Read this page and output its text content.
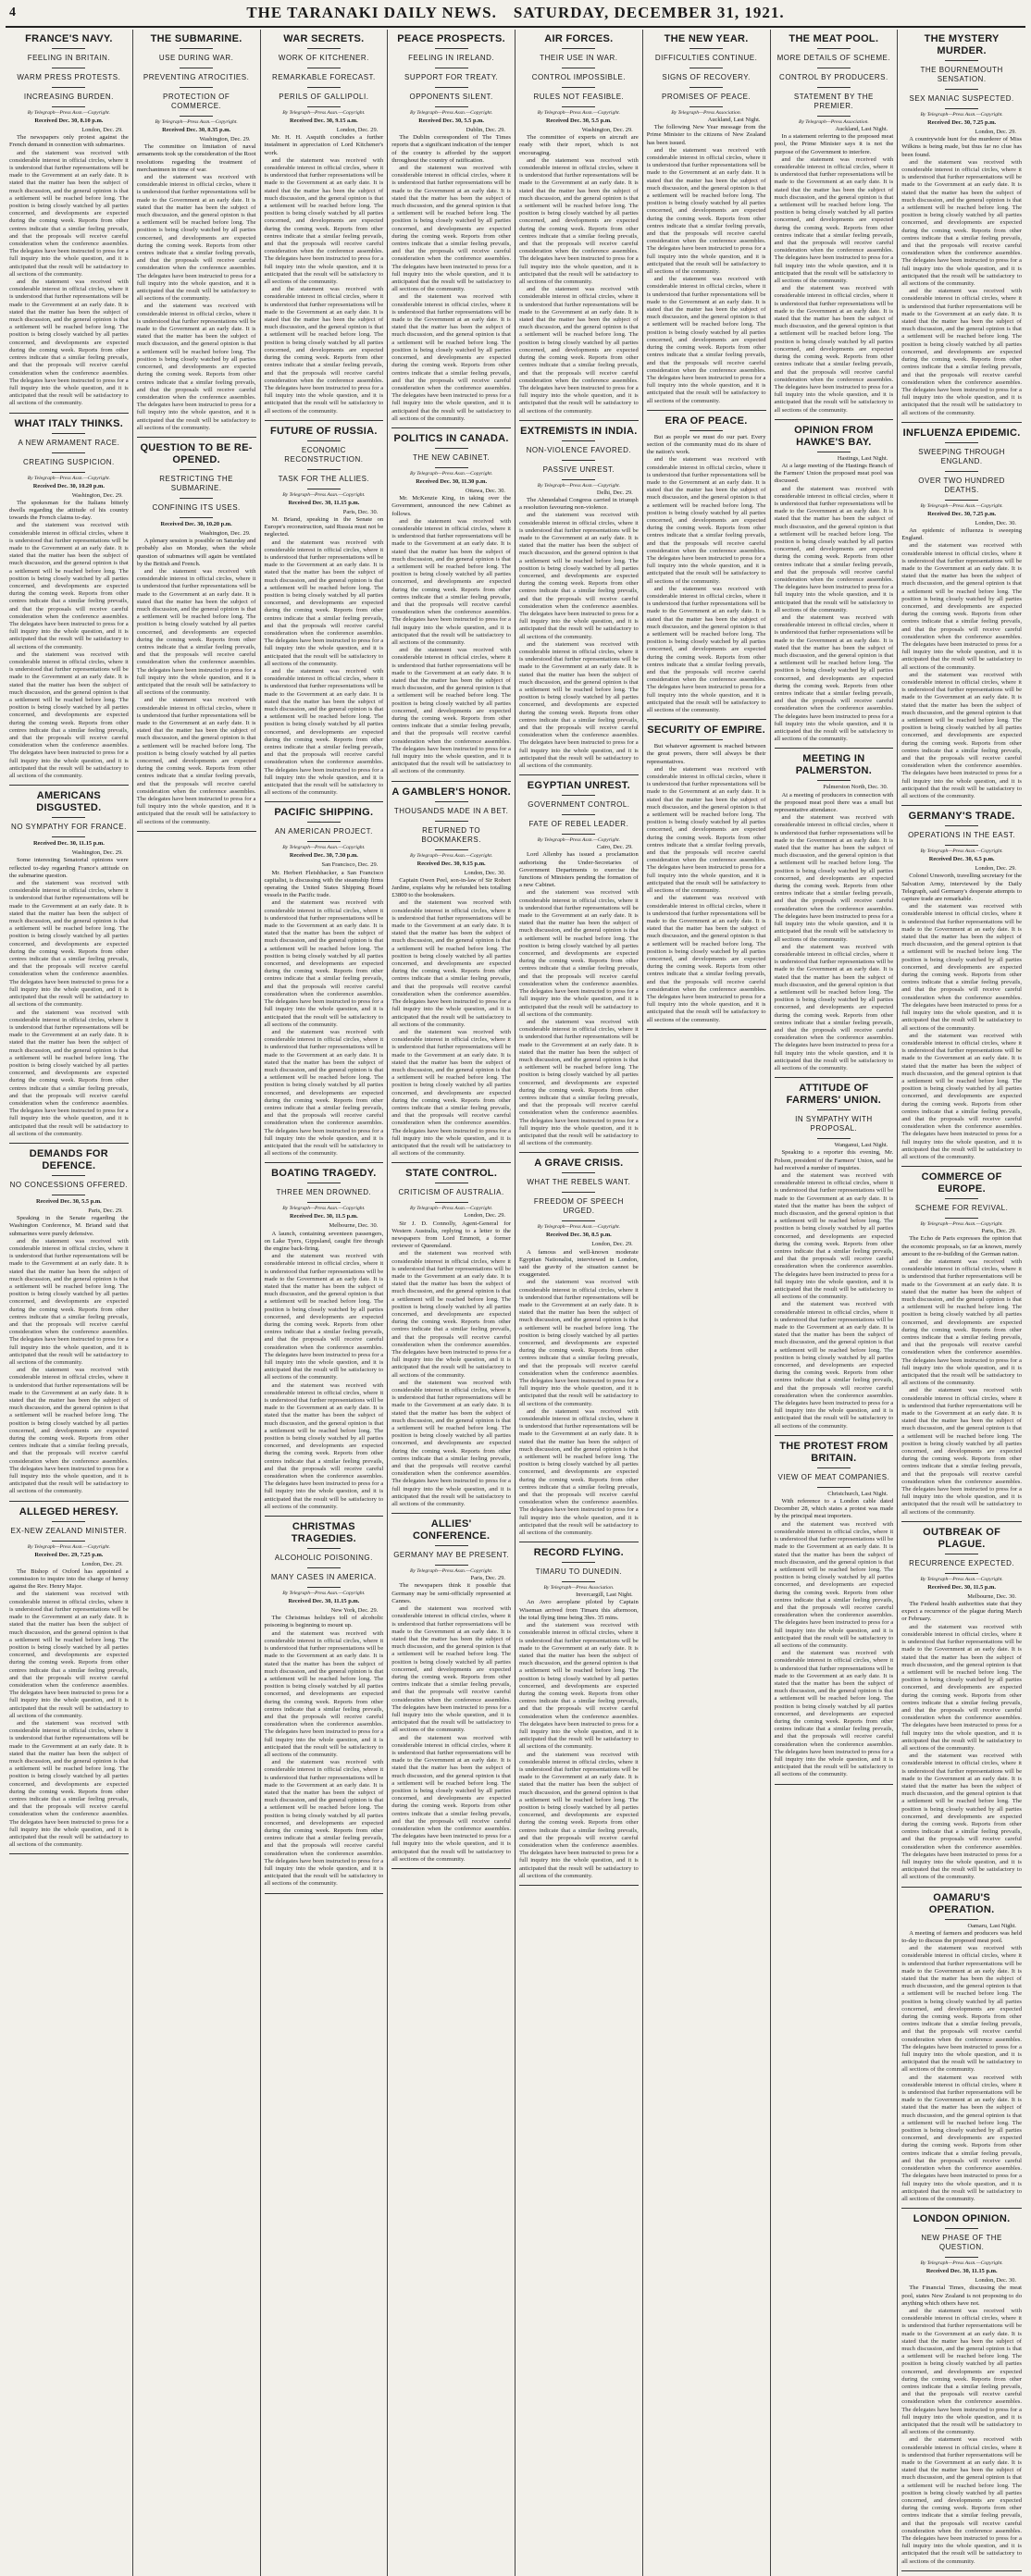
4	THE TARANAKI DAILY NEWS. SATURDAY, DECEMBER 31, 1921.
FRANCE'S NAVY.
FEELING IN BRITAIN.
WARM PRESS PROTESTS.
INCREASING BURDEN.
By Telegraph—Press Assn.—Copyright.
Received Dec. 30, 8.10 p.m.
London, Dec. 29.

The newspapers only protest against the French demand in connection with submarines.

and the statement was received with considerable interest in official circles, where it is understood that further representations will be made to the Government at an early date. It is stated that the matter has been the subject of much discussion, and the general opinion is that a settlement will be reached before long. The position is being closely watched by all parties concerned, and developments are expected during the coming week. Reports from other centres indicate that a similar feeling prevails, and that the proposals will receive careful consideration when the conference assembles. The delegates have been instructed to press for a full inquiry into the whole question, and it is anticipated that the result will be satisfactory to all sections of the community.

and the statement was received with considerable interest in official circles, where it is understood that further representations will be made to the Government at an early date. It is stated that the matter has been the subject of much discussion, and the general opinion is that a settlement will be reached before long. The position is being closely watched by all parties concerned, and developments are expected during the coming week. Reports from other centres indicate that a similar feeling prevails, and that the proposals will receive careful consideration when the conference assembles. The delegates have been instructed to press for a full inquiry into the whole question, and it is anticipated that the result will be satisfactory to all sections of the community.

WHAT ITALY THINKS.
A NEW ARMAMENT RACE.
CREATING SUSPICION.
By Telegraph—Press Assn.—Copyright.
Received Dec. 30, 10.20 p.m.
Washington, Dec. 29.

The spokesman for the Italians bitterly dwells regarding the attitude of his country towards the French claims to-day.

and the statement was received with considerable interest in official circles, where it is understood that further representations will be made to the Government at an early date. It is stated that the matter has been the subject of much discussion, and the general opinion is that a settlement will be reached before long. The position is being closely watched by all parties concerned, and developments are expected during the coming week. Reports from other centres indicate that a similar feeling prevails, and that the proposals will receive careful consideration when the conference assembles. The delegates have been instructed to press for a full inquiry into the whole question, and it is anticipated that the result will be satisfactory to all sections of the community.

and the statement was received with considerable interest in official circles, where it is understood that further representations will be made to the Government at an early date. It is stated that the matter has been the subject of much discussion, and the general opinion is that a settlement will be reached before long. The position is being closely watched by all parties concerned, and developments are expected during the coming week. Reports from other centres indicate that a similar feeling prevails, and that the proposals will receive careful consideration when the conference assembles. The delegates have been instructed to press for a full inquiry into the whole question, and it is anticipated that the result will be satisfactory to all sections of the community.

AMERICANS DISGUSTED.
NO SYMPATHY FOR FRANCE.
Received Dec. 30, 11.15 p.m.
Washington, Dec. 29.

Some interesting Senatorial opinions were reflected to-day regarding France's attitude on the submarine question.

and the statement was received with considerable interest in official circles, where it is understood that further representations will be made to the Government at an early date. It is stated that the matter has been the subject of much discussion, and the general opinion is that a settlement will be reached before long. The position is being closely watched by all parties concerned, and developments are expected during the coming week. Reports from other centres indicate that a similar feeling prevails, and that the proposals will receive careful consideration when the conference assembles. The delegates have been instructed to press for a full inquiry into the whole question, and it is anticipated that the result will be satisfactory to all sections of the community.

and the statement was received with considerable interest in official circles, where it is understood that further representations will be made to the Government at an early date. It is stated that the matter has been the subject of much discussion, and the general opinion is that a settlement will be reached before long. The position is being closely watched by all parties concerned, and developments are expected during the coming week. Reports from other centres indicate that a similar feeling prevails, and that the proposals will receive careful consideration when the conference assembles. The delegates have been instructed to press for a full inquiry into the whole question, and it is anticipated that the result will be satisfactory to all sections of the community.

DEMANDS FOR DEFENCE.
NO CONCESSIONS OFFERED.
Received Dec. 30, 5.5 p.m.
Paris, Dec. 29.

Speaking in the Senate regarding the Washington Conference, M. Briand said that submarines were purely defensive.

and the statement was received with considerable interest in official circles, where it is understood that further representations will be made to the Government at an early date. It is stated that the matter has been the subject of much discussion, and the general opinion is that a settlement will be reached before long. The position is being closely watched by all parties concerned, and developments are expected during the coming week. Reports from other centres indicate that a similar feeling prevails, and that the proposals will receive careful consideration when the conference assembles. The delegates have been instructed to press for a full inquiry into the whole question, and it is anticipated that the result will be satisfactory to all sections of the community.

and the statement was received with considerable interest in official circles, where it is understood that further representations will be made to the Government at an early date. It is stated that the matter has been the subject of much discussion, and the general opinion is that a settlement will be reached before long. The position is being closely watched by all parties concerned, and developments are expected during the coming week. Reports from other centres indicate that a similar feeling prevails, and that the proposals will receive careful consideration when the conference assembles. The delegates have been instructed to press for a full inquiry into the whole question, and it is anticipated that the result will be satisfactory to all sections of the community.

ALLEGED HERESY.
EX-NEW ZEALAND MINISTER.
By Telegraph—Press Assn.—Copyright.
Received Dec. 29, 7.25 p.m.
London, Dec. 29.

The Bishop of Oxford has appointed a commission to inquire into the charge of heresy against the Rev. Henry Major.

and the statement was received with considerable interest in official circles, where it is understood that further representations will be made to the Government at an early date. It is stated that the matter has been the subject of much discussion, and the general opinion is that a settlement will be reached before long. The position is being closely watched by all parties concerned, and developments are expected during the coming week. Reports from other centres indicate that a similar feeling prevails, and that the proposals will receive careful consideration when the conference assembles. The delegates have been instructed to press for a full inquiry into the whole question, and it is anticipated that the result will be satisfactory to all sections of the community.

and the statement was received with considerable interest in official circles, where it is understood that further representations will be made to the Government at an early date. It is stated that the matter has been the subject of much discussion, and the general opinion is that a settlement will be reached before long. The position is being closely watched by all parties concerned, and developments are expected during the coming week. Reports from other centres indicate that a similar feeling prevails, and that the proposals will receive careful consideration when the conference assembles. The delegates have been instructed to press for a full inquiry into the whole question, and it is anticipated that the result will be satisfactory to all sections of the community.

THE SUBMARINE.
USE DURING WAR.
PREVENTING ATROCITIES.
PROTECTION OF COMMERCE.
By Telegraph—Press Assn.—Copyright.
Received Dec. 30, 8.35 p.m.
Washington, Dec. 29.

The committee on limitation of naval armaments took up the consideration of the Root resolutions regarding the treatment of merchantmen in time of war.

and the statement was received with considerable interest in official circles, where it is understood that further representations will be made to the Government at an early date. It is stated that the matter has been the subject of much discussion, and the general opinion is that a settlement will be reached before long. The position is being closely watched by all parties concerned, and developments are expected during the coming week. Reports from other centres indicate that a similar feeling prevails, and that the proposals will receive careful consideration when the conference assembles. The delegates have been instructed to press for a full inquiry into the whole question, and it is anticipated that the result will be satisfactory to all sections of the community.

and the statement was received with considerable interest in official circles, where it is understood that further representations will be made to the Government at an early date. It is stated that the matter has been the subject of much discussion, and the general opinion is that a settlement will be reached before long. The position is being closely watched by all parties concerned, and developments are expected during the coming week. Reports from other centres indicate that a similar feeling prevails, and that the proposals will receive careful consideration when the conference assembles. The delegates have been instructed to press for a full inquiry into the whole question, and it is anticipated that the result will be satisfactory to all sections of the community.

QUESTION TO BE RE-OPENED.
RESTRICTING THE SUBMARINE.
CONFINING ITS USES.
Received Dec. 30, 10.20 p.m.
Washington, Dec. 29.

A plenary session is possible on Saturday and probably also on Monday, when the whole question of submarines will again be ventilated by the British and French.

and the statement was received with considerable interest in official circles, where it is understood that further representations will be made to the Government at an early date. It is stated that the matter has been the subject of much discussion, and the general opinion is that a settlement will be reached before long. The position is being closely watched by all parties concerned, and developments are expected during the coming week. Reports from other centres indicate that a similar feeling prevails, and that the proposals will receive careful consideration when the conference assembles. The delegates have been instructed to press for a full inquiry into the whole question, and it is anticipated that the result will be satisfactory to all sections of the community.

and the statement was received with considerable interest in official circles, where it is understood that further representations will be made to the Government at an early date. It is stated that the matter has been the subject of much discussion, and the general opinion is that a settlement will be reached before long. The position is being closely watched by all parties concerned, and developments are expected during the coming week. Reports from other centres indicate that a similar feeling prevails, and that the proposals will receive careful consideration when the conference assembles. The delegates have been instructed to press for a full inquiry into the whole question, and it is anticipated that the result will be satisfactory to all sections of the community.

WAR SECRETS.
WORK OF KITCHENER.
REMARKABLE FORECAST.
PERILS OF GALLIPOLI.
By Telegraph—Press Assn.—Copyright.
Received Dec. 30, 9.15 a.m.
London, Dec. 29.

Mr. H. H. Asquith concludes a further instalment in appreciation of Lord Kitchener's work.

and the statement was received with considerable interest in official circles, where it is understood that further representations will be made to the Government at an early date. It is stated that the matter has been the subject of much discussion, and the general opinion is that a settlement will be reached before long. The position is being closely watched by all parties concerned, and developments are expected during the coming week. Reports from other centres indicate that a similar feeling prevails, and that the proposals will receive careful consideration when the conference assembles. The delegates have been instructed to press for a full inquiry into the whole question, and it is anticipated that the result will be satisfactory to all sections of the community.

and the statement was received with considerable interest in official circles, where it is understood that further representations will be made to the Government at an early date. It is stated that the matter has been the subject of much discussion, and the general opinion is that a settlement will be reached before long. The position is being closely watched by all parties concerned, and developments are expected during the coming week. Reports from other centres indicate that a similar feeling prevails, and that the proposals will receive careful consideration when the conference assembles. The delegates have been instructed to press for a full inquiry into the whole question, and it is anticipated that the result will be satisfactory to all sections of the community.

FUTURE OF RUSSIA.
ECONOMIC RECONSTRUCTION.
TASK FOR THE ALLIES.
By Telegraph—Press Assn.—Copyright.
Received Dec. 30, 11.15 p.m.
Paris, Dec. 30.

M. Briand, speaking in the Senate on Europe's reconstruction, said Russia must not be neglected.

and the statement was received with considerable interest in official circles, where it is understood that further representations will be made to the Government at an early date. It is stated that the matter has been the subject of much discussion, and the general opinion is that a settlement will be reached before long. The position is being closely watched by all parties concerned, and developments are expected during the coming week. Reports from other centres indicate that a similar feeling prevails, and that the proposals will receive careful consideration when the conference assembles. The delegates have been instructed to press for a full inquiry into the whole question, and it is anticipated that the result will be satisfactory to all sections of the community.

and the statement was received with considerable interest in official circles, where it is understood that further representations will be made to the Government at an early date. It is stated that the matter has been the subject of much discussion, and the general opinion is that a settlement will be reached before long. The position is being closely watched by all parties concerned, and developments are expected during the coming week. Reports from other centres indicate that a similar feeling prevails, and that the proposals will receive careful consideration when the conference assembles. The delegates have been instructed to press for a full inquiry into the whole question, and it is anticipated that the result will be satisfactory to all sections of the community.

PACIFIC SHIPPING.
AN AMERICAN PROJECT.
By Telegraph—Press Assn.—Copyright.
Received Dec. 30, 7.30 p.m.
San Francisco, Dec. 29.

Mr. Herbert Fleishhacker, a San Francisco capitalist, is discussing with the steamship firms operating the United States Shipping Board vessels in the Pacific trade.

and the statement was received with considerable interest in official circles, where it is understood that further representations will be made to the Government at an early date. It is stated that the matter has been the subject of much discussion, and the general opinion is that a settlement will be reached before long. The position is being closely watched by all parties concerned, and developments are expected during the coming week. Reports from other centres indicate that a similar feeling prevails, and that the proposals will receive careful consideration when the conference assembles. The delegates have been instructed to press for a full inquiry into the whole question, and it is anticipated that the result will be satisfactory to all sections of the community.

and the statement was received with considerable interest in official circles, where it is understood that further representations will be made to the Government at an early date. It is stated that the matter has been the subject of much discussion, and the general opinion is that a settlement will be reached before long. The position is being closely watched by all parties concerned, and developments are expected during the coming week. Reports from other centres indicate that a similar feeling prevails, and that the proposals will receive careful consideration when the conference assembles. The delegates have been instructed to press for a full inquiry into the whole question, and it is anticipated that the result will be satisfactory to all sections of the community.

BOATING TRAGEDY.
THREE MEN DROWNED.
By Telegraph—Press Assn.—Copyright.
Received Dec. 30, 11.5 p.m.
Melbourne, Dec. 30.

A launch, containing seventeen passengers, on Lake Tyers, Gippsland, caught fire through the engine back-firing.

and the statement was received with considerable interest in official circles, where it is understood that further representations will be made to the Government at an early date. It is stated that the matter has been the subject of much discussion, and the general opinion is that a settlement will be reached before long. The position is being closely watched by all parties concerned, and developments are expected during the coming week. Reports from other centres indicate that a similar feeling prevails, and that the proposals will receive careful consideration when the conference assembles. The delegates have been instructed to press for a full inquiry into the whole question, and it is anticipated that the result will be satisfactory to all sections of the community.

and the statement was received with considerable interest in official circles, where it is understood that further representations will be made to the Government at an early date. It is stated that the matter has been the subject of much discussion, and the general opinion is that a settlement will be reached before long. The position is being closely watched by all parties concerned, and developments are expected during the coming week. Reports from other centres indicate that a similar feeling prevails, and that the proposals will receive careful consideration when the conference assembles. The delegates have been instructed to press for a full inquiry into the whole question, and it is anticipated that the result will be satisfactory to all sections of the community.

CHRISTMAS TRAGEDIES.
ALCOHOLIC POISONING.
MANY CASES IN AMERICA.
By Telegraph—Press Assn.—Copyright.
Received Dec. 30, 11.15 p.m.
New York, Dec. 29.

The Christmas holidays toll of alcoholic poisoning is beginning to mount up.

and the statement was received with considerable interest in official circles, where it is understood that further representations will be made to the Government at an early date. It is stated that the matter has been the subject of much discussion, and the general opinion is that a settlement will be reached before long. The position is being closely watched by all parties concerned, and developments are expected during the coming week. Reports from other centres indicate that a similar feeling prevails, and that the proposals will receive careful consideration when the conference assembles. The delegates have been instructed to press for a full inquiry into the whole question, and it is anticipated that the result will be satisfactory to all sections of the community.

and the statement was received with considerable interest in official circles, where it is understood that further representations will be made to the Government at an early date. It is stated that the matter has been the subject of much discussion, and the general opinion is that a settlement will be reached before long. The position is being closely watched by all parties concerned, and developments are expected during the coming week. Reports from other centres indicate that a similar feeling prevails, and that the proposals will receive careful consideration when the conference assembles. The delegates have been instructed to press for a full inquiry into the whole question, and it is anticipated that the result will be satisfactory to all sections of the community.

PEACE PROSPECTS.
FEELING IN IRELAND.
SUPPORT FOR TREATY.
OPPONENTS SILENT.
By Telegraph—Press Assn.—Copyright.
Received Dec. 30, 5.5 p.m.
Dublin, Dec. 29.

The Dublin correspondent of The Times reports that a significant indication of the temper of the country is afforded by the support throughout the country of ratification.

and the statement was received with considerable interest in official circles, where it is understood that further representations will be made to the Government at an early date. It is stated that the matter has been the subject of much discussion, and the general opinion is that a settlement will be reached before long. The position is being closely watched by all parties concerned, and developments are expected during the coming week. Reports from other centres indicate that a similar feeling prevails, and that the proposals will receive careful consideration when the conference assembles. The delegates have been instructed to press for a full inquiry into the whole question, and it is anticipated that the result will be satisfactory to all sections of the community.

and the statement was received with considerable interest in official circles, where it is understood that further representations will be made to the Government at an early date. It is stated that the matter has been the subject of much discussion, and the general opinion is that a settlement will be reached before long. The position is being closely watched by all parties concerned, and developments are expected during the coming week. Reports from other centres indicate that a similar feeling prevails, and that the proposals will receive careful consideration when the conference assembles. The delegates have been instructed to press for a full inquiry into the whole question, and it is anticipated that the result will be satisfactory to all sections of the community.

POLITICS IN CANADA.
THE NEW CABINET.
By Telegraph—Press Assn.—Copyright.
Received Dec. 30, 11.30 p.m.
Ottawa, Dec. 30.

Mr. McKenzie King, in taking over the Government, announced the new Cabinet as follows.

and the statement was received with considerable interest in official circles, where it is understood that further representations will be made to the Government at an early date. It is stated that the matter has been the subject of much discussion, and the general opinion is that a settlement will be reached before long. The position is being closely watched by all parties concerned, and developments are expected during the coming week. Reports from other centres indicate that a similar feeling prevails, and that the proposals will receive careful consideration when the conference assembles. The delegates have been instructed to press for a full inquiry into the whole question, and it is anticipated that the result will be satisfactory to all sections of the community.

and the statement was received with considerable interest in official circles, where it is understood that further representations will be made to the Government at an early date. It is stated that the matter has been the subject of much discussion, and the general opinion is that a settlement will be reached before long. The position is being closely watched by all parties concerned, and developments are expected during the coming week. Reports from other centres indicate that a similar feeling prevails, and that the proposals will receive careful consideration when the conference assembles. The delegates have been instructed to press for a full inquiry into the whole question, and it is anticipated that the result will be satisfactory to all sections of the community.

A GAMBLER'S HONOR.
THOUSANDS MADE IN A BET.
RETURNED TO BOOKMAKERS.
By Telegraph—Press Assn.—Copyright.
Received Dec. 30, 9.15 p.m.
London, Dec. 30.

Captain Owen Peel, son-in-law of Sir Robert Jardine, explains why he refunded bets totalling £3800 to the bookmakers.

and the statement was received with considerable interest in official circles, where it is understood that further representations will be made to the Government at an early date. It is stated that the matter has been the subject of much discussion, and the general opinion is that a settlement will be reached before long. The position is being closely watched by all parties concerned, and developments are expected during the coming week. Reports from other centres indicate that a similar feeling prevails, and that the proposals will receive careful consideration when the conference assembles. The delegates have been instructed to press for a full inquiry into the whole question, and it is anticipated that the result will be satisfactory to all sections of the community.

and the statement was received with considerable interest in official circles, where it is understood that further representations will be made to the Government at an early date. It is stated that the matter has been the subject of much discussion, and the general opinion is that a settlement will be reached before long. The position is being closely watched by all parties concerned, and developments are expected during the coming week. Reports from other centres indicate that a similar feeling prevails, and that the proposals will receive careful consideration when the conference assembles. The delegates have been instructed to press for a full inquiry into the whole question, and it is anticipated that the result will be satisfactory to all sections of the community.

STATE CONTROL.
CRITICISM OF AUSTRALIA.
By Telegraph—Press Assn.—Copyright.
London, Dec. 29.

Sir J. D. Connolly, Agent-General for Western Australia, replying to a letter to the newspapers from Lord Emmott, a former reviewer of Queensland.

and the statement was received with considerable interest in official circles, where it is understood that further representations will be made to the Government at an early date. It is stated that the matter has been the subject of much discussion, and the general opinion is that a settlement will be reached before long. The position is being closely watched by all parties concerned, and developments are expected during the coming week. Reports from other centres indicate that a similar feeling prevails, and that the proposals will receive careful consideration when the conference assembles. The delegates have been instructed to press for a full inquiry into the whole question, and it is anticipated that the result will be satisfactory to all sections of the community.

and the statement was received with considerable interest in official circles, where it is understood that further representations will be made to the Government at an early date. It is stated that the matter has been the subject of much discussion, and the general opinion is that a settlement will be reached before long. The position is being closely watched by all parties concerned, and developments are expected during the coming week. Reports from other centres indicate that a similar feeling prevails, and that the proposals will receive careful consideration when the conference assembles. The delegates have been instructed to press for a full inquiry into the whole question, and it is anticipated that the result will be satisfactory to all sections of the community.

ALLIES' CONFERENCE.
GERMANY MAY BE PRESENT.
By Telegraph—Press Assn.—Copyright.
Paris, Dec. 29.

The newspapers think it possible that Germany may be semi-officially represented at Cannes.

and the statement was received with considerable interest in official circles, where it is understood that further representations will be made to the Government at an early date. It is stated that the matter has been the subject of much discussion, and the general opinion is that a settlement will be reached before long. The position is being closely watched by all parties concerned, and developments are expected during the coming week. Reports from other centres indicate that a similar feeling prevails, and that the proposals will receive careful consideration when the conference assembles. The delegates have been instructed to press for a full inquiry into the whole question, and it is anticipated that the result will be satisfactory to all sections of the community.

and the statement was received with considerable interest in official circles, where it is understood that further representations will be made to the Government at an early date. It is stated that the matter has been the subject of much discussion, and the general opinion is that a settlement will be reached before long. The position is being closely watched by all parties concerned, and developments are expected during the coming week. Reports from other centres indicate that a similar feeling prevails, and that the proposals will receive careful consideration when the conference assembles. The delegates have been instructed to press for a full inquiry into the whole question, and it is anticipated that the result will be satisfactory to all sections of the community.

AIR FORCES.
THEIR USE IN WAR.
CONTROL IMPOSSIBLE.
RULES NOT FEASIBLE.
By Telegraph—Press Assn.—Copyright.
Received Dec. 30, 5.5 p.m.
Washington, Dec. 29.

The committee of experts on aircraft are ready with their report, which is not encouraging.

and the statement was received with considerable interest in official circles, where it is understood that further representations will be made to the Government at an early date. It is stated that the matter has been the subject of much discussion, and the general opinion is that a settlement will be reached before long. The position is being closely watched by all parties concerned, and developments are expected during the coming week. Reports from other centres indicate that a similar feeling prevails, and that the proposals will receive careful consideration when the conference assembles. The delegates have been instructed to press for a full inquiry into the whole question, and it is anticipated that the result will be satisfactory to all sections of the community.

and the statement was received with considerable interest in official circles, where it is understood that further representations will be made to the Government at an early date. It is stated that the matter has been the subject of much discussion, and the general opinion is that a settlement will be reached before long. The position is being closely watched by all parties concerned, and developments are expected during the coming week. Reports from other centres indicate that a similar feeling prevails, and that the proposals will receive careful consideration when the conference assembles. The delegates have been instructed to press for a full inquiry into the whole question, and it is anticipated that the result will be satisfactory to all sections of the community.

EXTREMISTS IN INDIA.
NON-VIOLENCE FAVORED.
PASSIVE UNREST.
By Telegraph—Press Assn.—Copyright.
Delhi, Dec. 29.

The Ahmedabad Congress carried in triumph a resolution favouring non-violence.

and the statement was received with considerable interest in official circles, where it is understood that further representations will be made to the Government at an early date. It is stated that the matter has been the subject of much discussion, and the general opinion is that a settlement will be reached before long. The position is being closely watched by all parties concerned, and developments are expected during the coming week. Reports from other centres indicate that a similar feeling prevails, and that the proposals will receive careful consideration when the conference assembles. The delegates have been instructed to press for a full inquiry into the whole question, and it is anticipated that the result will be satisfactory to all sections of the community.

and the statement was received with considerable interest in official circles, where it is understood that further representations will be made to the Government at an early date. It is stated that the matter has been the subject of much discussion, and the general opinion is that a settlement will be reached before long. The position is being closely watched by all parties concerned, and developments are expected during the coming week. Reports from other centres indicate that a similar feeling prevails, and that the proposals will receive careful consideration when the conference assembles. The delegates have been instructed to press for a full inquiry into the whole question, and it is anticipated that the result will be satisfactory to all sections of the community.

EGYPTIAN UNREST.
GOVERNMENT CONTROL.
FATE OF REBEL LEADER.
By Telegraph—Press Assn.—Copyright.
Cairo, Dec. 29.

Lord Allenby has issued a proclamation authorising the Under-Secretaries of Government Departments to exercise the functions of Ministers pending the formation of a new Cabinet.

and the statement was received with considerable interest in official circles, where it is understood that further representations will be made to the Government at an early date. It is stated that the matter has been the subject of much discussion, and the general opinion is that a settlement will be reached before long. The position is being closely watched by all parties concerned, and developments are expected during the coming week. Reports from other centres indicate that a similar feeling prevails, and that the proposals will receive careful consideration when the conference assembles. The delegates have been instructed to press for a full inquiry into the whole question, and it is anticipated that the result will be satisfactory to all sections of the community.

and the statement was received with considerable interest in official circles, where it is understood that further representations will be made to the Government at an early date. It is stated that the matter has been the subject of much discussion, and the general opinion is that a settlement will be reached before long. The position is being closely watched by all parties concerned, and developments are expected during the coming week. Reports from other centres indicate that a similar feeling prevails, and that the proposals will receive careful consideration when the conference assembles. The delegates have been instructed to press for a full inquiry into the whole question, and it is anticipated that the result will be satisfactory to all sections of the community.

A GRAVE CRISIS.
WHAT THE REBELS WANT.
FREEDOM OF SPEECH URGED.
By Telegraph—Press Assn.—Copyright.
Received Dec. 30, 8.5 p.m.
London, Dec. 29.

A famous and well-known moderate Egyptian Nationalist, interviewed in London, said the gravity of the situation cannot be exaggerated.

and the statement was received with considerable interest in official circles, where it is understood that further representations will be made to the Government at an early date. It is stated that the matter has been the subject of much discussion, and the general opinion is that a settlement will be reached before long. The position is being closely watched by all parties concerned, and developments are expected during the coming week. Reports from other centres indicate that a similar feeling prevails, and that the proposals will receive careful consideration when the conference assembles. The delegates have been instructed to press for a full inquiry into the whole question, and it is anticipated that the result will be satisfactory to all sections of the community.

and the statement was received with considerable interest in official circles, where it is understood that further representations will be made to the Government at an early date. It is stated that the matter has been the subject of much discussion, and the general opinion is that a settlement will be reached before long. The position is being closely watched by all parties concerned, and developments are expected during the coming week. Reports from other centres indicate that a similar feeling prevails, and that the proposals will receive careful consideration when the conference assembles. The delegates have been instructed to press for a full inquiry into the whole question, and it is anticipated that the result will be satisfactory to all sections of the community.

RECORD FLYING.
TIMARU TO DUNEDIN.
By Telegraph—Press Association.
Invercargill, Last Night.

An Avro aeroplane piloted by Captain Wiseman arrived from Timaru this afternoon, the total flying time being 3hrs. 35 mins.

and the statement was received with considerable interest in official circles, where it is understood that further representations will be made to the Government at an early date. It is stated that the matter has been the subject of much discussion, and the general opinion is that a settlement will be reached before long. The position is being closely watched by all parties concerned, and developments are expected during the coming week. Reports from other centres indicate that a similar feeling prevails, and that the proposals will receive careful consideration when the conference assembles. The delegates have been instructed to press for a full inquiry into the whole question, and it is anticipated that the result will be satisfactory to all sections of the community.

and the statement was received with considerable interest in official circles, where it is understood that further representations will be made to the Government at an early date. It is stated that the matter has been the subject of much discussion, and the general opinion is that a settlement will be reached before long. The position is being closely watched by all parties concerned, and developments are expected during the coming week. Reports from other centres indicate that a similar feeling prevails, and that the proposals will receive careful consideration when the conference assembles. The delegates have been instructed to press for a full inquiry into the whole question, and it is anticipated that the result will be satisfactory to all sections of the community.

THE NEW YEAR.
DIFFICULTIES CONTINUE.
SIGNS OF RECOVERY.
PROMISES OF PEACE.
By Telegraph—Press Association.
Auckland, Last Night.

The following New Year message from the Prime Minister to the citizens of New Zealand has been issued.

and the statement was received with considerable interest in official circles, where it is understood that further representations will be made to the Government at an early date. It is stated that the matter has been the subject of much discussion, and the general opinion is that a settlement will be reached before long. The position is being closely watched by all parties concerned, and developments are expected during the coming week. Reports from other centres indicate that a similar feeling prevails, and that the proposals will receive careful consideration when the conference assembles. The delegates have been instructed to press for a full inquiry into the whole question, and it is anticipated that the result will be satisfactory to all sections of the community.

and the statement was received with considerable interest in official circles, where it is understood that further representations will be made to the Government at an early date. It is stated that the matter has been the subject of much discussion, and the general opinion is that a settlement will be reached before long. The position is being closely watched by all parties concerned, and developments are expected during the coming week. Reports from other centres indicate that a similar feeling prevails, and that the proposals will receive careful consideration when the conference assembles. The delegates have been instructed to press for a full inquiry into the whole question, and it is anticipated that the result will be satisfactory to all sections of the community.

ERA OF PEACE.

But as people we must do our part. Every section of the community must do its share of the nation's work.

and the statement was received with considerable interest in official circles, where it is understood that further representations will be made to the Government at an early date. It is stated that the matter has been the subject of much discussion, and the general opinion is that a settlement will be reached before long. The position is being closely watched by all parties concerned, and developments are expected during the coming week. Reports from other centres indicate that a similar feeling prevails, and that the proposals will receive careful consideration when the conference assembles. The delegates have been instructed to press for a full inquiry into the whole question, and it is anticipated that the result will be satisfactory to all sections of the community.

and the statement was received with considerable interest in official circles, where it is understood that further representations will be made to the Government at an early date. It is stated that the matter has been the subject of much discussion, and the general opinion is that a settlement will be reached before long. The position is being closely watched by all parties concerned, and developments are expected during the coming week. Reports from other centres indicate that a similar feeling prevails, and that the proposals will receive careful consideration when the conference assembles. The delegates have been instructed to press for a full inquiry into the whole question, and it is anticipated that the result will be satisfactory to all sections of the community.

SECURITY OF EMPIRE.

But whatever agreement is reached between the great powers, there will always be their representatives.

and the statement was received with considerable interest in official circles, where it is understood that further representations will be made to the Government at an early date. It is stated that the matter has been the subject of much discussion, and the general opinion is that a settlement will be reached before long. The position is being closely watched by all parties concerned, and developments are expected during the coming week. Reports from other centres indicate that a similar feeling prevails, and that the proposals will receive careful consideration when the conference assembles. The delegates have been instructed to press for a full inquiry into the whole question, and it is anticipated that the result will be satisfactory to all sections of the community.

and the statement was received with considerable interest in official circles, where it is understood that further representations will be made to the Government at an early date. It is stated that the matter has been the subject of much discussion, and the general opinion is that a settlement will be reached before long. The position is being closely watched by all parties concerned, and developments are expected during the coming week. Reports from other centres indicate that a similar feeling prevails, and that the proposals will receive careful consideration when the conference assembles. The delegates have been instructed to press for a full inquiry into the whole question, and it is anticipated that the result will be satisfactory to all sections of the community.

THE MEAT POOL.
MORE DETAILS OF SCHEME.
CONTROL BY PRODUCERS.
STATEMENT BY THE PREMIER.
By Telegraph—Press Association.
Auckland, Last Night.

In a statement referring to the proposed meat pool, the Prime Minister says it is not the purpose of the Government to interfere.

and the statement was received with considerable interest in official circles, where it is understood that further representations will be made to the Government at an early date. It is stated that the matter has been the subject of much discussion, and the general opinion is that a settlement will be reached before long. The position is being closely watched by all parties concerned, and developments are expected during the coming week. Reports from other centres indicate that a similar feeling prevails, and that the proposals will receive careful consideration when the conference assembles. The delegates have been instructed to press for a full inquiry into the whole question, and it is anticipated that the result will be satisfactory to all sections of the community.

and the statement was received with considerable interest in official circles, where it is understood that further representations will be made to the Government at an early date. It is stated that the matter has been the subject of much discussion, and the general opinion is that a settlement will be reached before long. The position is being closely watched by all parties concerned, and developments are expected during the coming week. Reports from other centres indicate that a similar feeling prevails, and that the proposals will receive careful consideration when the conference assembles. The delegates have been instructed to press for a full inquiry into the whole question, and it is anticipated that the result will be satisfactory to all sections of the community.

OPINION FROM HAWKE'S BAY.
Hastings, Last Night.

At a large meeting of the Hastings Branch of the Farmers' Union the proposed meat pool was discussed.

and the statement was received with considerable interest in official circles, where it is understood that further representations will be made to the Government at an early date. It is stated that the matter has been the subject of much discussion, and the general opinion is that a settlement will be reached before long. The position is being closely watched by all parties concerned, and developments are expected during the coming week. Reports from other centres indicate that a similar feeling prevails, and that the proposals will receive careful consideration when the conference assembles. The delegates have been instructed to press for a full inquiry into the whole question, and it is anticipated that the result will be satisfactory to all sections of the community.

and the statement was received with considerable interest in official circles, where it is understood that further representations will be made to the Government at an early date. It is stated that the matter has been the subject of much discussion, and the general opinion is that a settlement will be reached before long. The position is being closely watched by all parties concerned, and developments are expected during the coming week. Reports from other centres indicate that a similar feeling prevails, and that the proposals will receive careful consideration when the conference assembles. The delegates have been instructed to press for a full inquiry into the whole question, and it is anticipated that the result will be satisfactory to all sections of the community.

MEETING IN PALMERSTON.
Palmerston North, Dec. 30.

At a meeting of producers in connection with the proposed meat pool there was a small but representative attendance.

and the statement was received with considerable interest in official circles, where it is understood that further representations will be made to the Government at an early date. It is stated that the matter has been the subject of much discussion, and the general opinion is that a settlement will be reached before long. The position is being closely watched by all parties concerned, and developments are expected during the coming week. Reports from other centres indicate that a similar feeling prevails, and that the proposals will receive careful consideration when the conference assembles. The delegates have been instructed to press for a full inquiry into the whole question, and it is anticipated that the result will be satisfactory to all sections of the community.

and the statement was received with considerable interest in official circles, where it is understood that further representations will be made to the Government at an early date. It is stated that the matter has been the subject of much discussion, and the general opinion is that a settlement will be reached before long. The position is being closely watched by all parties concerned, and developments are expected during the coming week. Reports from other centres indicate that a similar feeling prevails, and that the proposals will receive careful consideration when the conference assembles. The delegates have been instructed to press for a full inquiry into the whole question, and it is anticipated that the result will be satisfactory to all sections of the community.

ATTITUDE OF FARMERS' UNION.
IN SYMPATHY WITH PROPOSAL.
Wanganui, Last Night.

Speaking to a reporter this evening, Mr. Polson, president of the Farmers' Union, said he had received a number of inquiries.

and the statement was received with considerable interest in official circles, where it is understood that further representations will be made to the Government at an early date. It is stated that the matter has been the subject of much discussion, and the general opinion is that a settlement will be reached before long. The position is being closely watched by all parties concerned, and developments are expected during the coming week. Reports from other centres indicate that a similar feeling prevails, and that the proposals will receive careful consideration when the conference assembles. The delegates have been instructed to press for a full inquiry into the whole question, and it is anticipated that the result will be satisfactory to all sections of the community.

and the statement was received with considerable interest in official circles, where it is understood that further representations will be made to the Government at an early date. It is stated that the matter has been the subject of much discussion, and the general opinion is that a settlement will be reached before long. The position is being closely watched by all parties concerned, and developments are expected during the coming week. Reports from other centres indicate that a similar feeling prevails, and that the proposals will receive careful consideration when the conference assembles. The delegates have been instructed to press for a full inquiry into the whole question, and it is anticipated that the result will be satisfactory to all sections of the community.

THE PROTEST FROM BRITAIN.
VIEW OF MEAT COMPANIES.
Christchurch, Last Night.

With reference to a London cable dated December 28, which states a protest was made by the principal meat importers.

and the statement was received with considerable interest in official circles, where it is understood that further representations will be made to the Government at an early date. It is stated that the matter has been the subject of much discussion, and the general opinion is that a settlement will be reached before long. The position is being closely watched by all parties concerned, and developments are expected during the coming week. Reports from other centres indicate that a similar feeling prevails, and that the proposals will receive careful consideration when the conference assembles. The delegates have been instructed to press for a full inquiry into the whole question, and it is anticipated that the result will be satisfactory to all sections of the community.

and the statement was received with considerable interest in official circles, where it is understood that further representations will be made to the Government at an early date. It is stated that the matter has been the subject of much discussion, and the general opinion is that a settlement will be reached before long. The position is being closely watched by all parties concerned, and developments are expected during the coming week. Reports from other centres indicate that a similar feeling prevails, and that the proposals will receive careful consideration when the conference assembles. The delegates have been instructed to press for a full inquiry into the whole question, and it is anticipated that the result will be satisfactory to all sections of the community.

THE MYSTERY MURDER.
THE BOURNEMOUTH SENSATION.
SEX MANIAC SUSPECTED.
By Telegraph—Press Assn.—Copyright.
Received Dec. 30, 7.25 p.m.
London, Dec. 29.

A countrywide hunt for the murderer of Miss Wilkins is being made, but thus far no clue has been found.

and the statement was received with considerable interest in official circles, where it is understood that further representations will be made to the Government at an early date. It is stated that the matter has been the subject of much discussion, and the general opinion is that a settlement will be reached before long. The position is being closely watched by all parties concerned, and developments are expected during the coming week. Reports from other centres indicate that a similar feeling prevails, and that the proposals will receive careful consideration when the conference assembles. The delegates have been instructed to press for a full inquiry into the whole question, and it is anticipated that the result will be satisfactory to all sections of the community.

and the statement was received with considerable interest in official circles, where it is understood that further representations will be made to the Government at an early date. It is stated that the matter has been the subject of much discussion, and the general opinion is that a settlement will be reached before long. The position is being closely watched by all parties concerned, and developments are expected during the coming week. Reports from other centres indicate that a similar feeling prevails, and that the proposals will receive careful consideration when the conference assembles. The delegates have been instructed to press for a full inquiry into the whole question, and it is anticipated that the result will be satisfactory to all sections of the community.

INFLUENZA EPIDEMIC.
SWEEPING THROUGH ENGLAND.
OVER TWO HUNDRED DEATHS.
By Telegraph—Press Assn.—Copyright.
Received Dec. 30, 7.25 p.m.
London, Dec. 30.

An epidemic of influenza is sweeping England.

and the statement was received with considerable interest in official circles, where it is understood that further representations will be made to the Government at an early date. It is stated that the matter has been the subject of much discussion, and the general opinion is that a settlement will be reached before long. The position is being closely watched by all parties concerned, and developments are expected during the coming week. Reports from other centres indicate that a similar feeling prevails, and that the proposals will receive careful consideration when the conference assembles. The delegates have been instructed to press for a full inquiry into the whole question, and it is anticipated that the result will be satisfactory to all sections of the community.

and the statement was received with considerable interest in official circles, where it is understood that further representations will be made to the Government at an early date. It is stated that the matter has been the subject of much discussion, and the general opinion is that a settlement will be reached before long. The position is being closely watched by all parties concerned, and developments are expected during the coming week. Reports from other centres indicate that a similar feeling prevails, and that the proposals will receive careful consideration when the conference assembles. The delegates have been instructed to press for a full inquiry into the whole question, and it is anticipated that the result will be satisfactory to all sections of the community.

GERMANY'S TRADE.
OPERATIONS IN THE EAST.
By Telegraph—Press Assn.—Copyright.
Received Dec. 30, 6.5 p.m.
London, Dec. 29.

Colonel Unsworth, travelling secretary for the Salvation Army, interviewed by the Daily Telegraph, said Germany's desperate attempts to capture trade are remarkable.

and the statement was received with considerable interest in official circles, where it is understood that further representations will be made to the Government at an early date. It is stated that the matter has been the subject of much discussion, and the general opinion is that a settlement will be reached before long. The position is being closely watched by all parties concerned, and developments are expected during the coming week. Reports from other centres indicate that a similar feeling prevails, and that the proposals will receive careful consideration when the conference assembles. The delegates have been instructed to press for a full inquiry into the whole question, and it is anticipated that the result will be satisfactory to all sections of the community.

and the statement was received with considerable interest in official circles, where it is understood that further representations will be made to the Government at an early date. It is stated that the matter has been the subject of much discussion, and the general opinion is that a settlement will be reached before long. The position is being closely watched by all parties concerned, and developments are expected during the coming week. Reports from other centres indicate that a similar feeling prevails, and that the proposals will receive careful consideration when the conference assembles. The delegates have been instructed to press for a full inquiry into the whole question, and it is anticipated that the result will be satisfactory to all sections of the community.

COMMERCE OF EUROPE.
SCHEME FOR REVIVAL.
By Telegraph—Press Assn.—Copyright.
Paris, Dec. 29.

The Echo de Paris expresses the opinion that the economic proposals, so far as known, merely amount to the re-building of the German nation.

and the statement was received with considerable interest in official circles, where it is understood that further representations will be made to the Government at an early date. It is stated that the matter has been the subject of much discussion, and the general opinion is that a settlement will be reached before long. The position is being closely watched by all parties concerned, and developments are expected during the coming week. Reports from other centres indicate that a similar feeling prevails, and that the proposals will receive careful consideration when the conference assembles. The delegates have been instructed to press for a full inquiry into the whole question, and it is anticipated that the result will be satisfactory to all sections of the community.

and the statement was received with considerable interest in official circles, where it is understood that further representations will be made to the Government at an early date. It is stated that the matter has been the subject of much discussion, and the general opinion is that a settlement will be reached before long. The position is being closely watched by all parties concerned, and developments are expected during the coming week. Reports from other centres indicate that a similar feeling prevails, and that the proposals will receive careful consideration when the conference assembles. The delegates have been instructed to press for a full inquiry into the whole question, and it is anticipated that the result will be satisfactory to all sections of the community.

OUTBREAK OF PLAGUE.
RECURRENCE EXPECTED.
By Telegraph—Press Assn.—Copyright.
Received Dec. 30, 11.5 p.m.
Melbourne, Dec. 30.

The Federal health authorities state that they expect a recurrence of the plague during March or February.

and the statement was received with considerable interest in official circles, where it is understood that further representations will be made to the Government at an early date. It is stated that the matter has been the subject of much discussion, and the general opinion is that a settlement will be reached before long. The position is being closely watched by all parties concerned, and developments are expected during the coming week. Reports from other centres indicate that a similar feeling prevails, and that the proposals will receive careful consideration when the conference assembles. The delegates have been instructed to press for a full inquiry into the whole question, and it is anticipated that the result will be satisfactory to all sections of the community.

and the statement was received with considerable interest in official circles, where it is understood that further representations will be made to the Government at an early date. It is stated that the matter has been the subject of much discussion, and the general opinion is that a settlement will be reached before long. The position is being closely watched by all parties concerned, and developments are expected during the coming week. Reports from other centres indicate that a similar feeling prevails, and that the proposals will receive careful consideration when the conference assembles. The delegates have been instructed to press for a full inquiry into the whole question, and it is anticipated that the result will be satisfactory to all sections of the community.

OAMARU'S OPERATION.
Oamaru, Last Night.

A meeting of farmers and producers was held to-day to discuss the proposed meat pool.

and the statement was received with considerable interest in official circles, where it is understood that further representations will be made to the Government at an early date. It is stated that the matter has been the subject of much discussion, and the general opinion is that a settlement will be reached before long. The position is being closely watched by all parties concerned, and developments are expected during the coming week. Reports from other centres indicate that a similar feeling prevails, and that the proposals will receive careful consideration when the conference assembles. The delegates have been instructed to press for a full inquiry into the whole question, and it is anticipated that the result will be satisfactory to all sections of the community.

and the statement was received with considerable interest in official circles, where it is understood that further representations will be made to the Government at an early date. It is stated that the matter has been the subject of much discussion, and the general opinion is that a settlement will be reached before long. The position is being closely watched by all parties concerned, and developments are expected during the coming week. Reports from other centres indicate that a similar feeling prevails, and that the proposals will receive careful consideration when the conference assembles. The delegates have been instructed to press for a full inquiry into the whole question, and it is anticipated that the result will be satisfactory to all sections of the community.

LONDON OPINION.
NEW PHASE OF THE QUESTION.
By Telegraph—Press Assn.—Copyright.
Received Dec. 30, 11.15 p.m.
London, Dec. 30.

The Financial Times, discussing the meat pool, states New Zealand is not proposing to do anything which others have not.

and the statement was received with considerable interest in official circles, where it is understood that further representations will be made to the Government at an early date. It is stated that the matter has been the subject of much discussion, and the general opinion is that a settlement will be reached before long. The position is being closely watched by all parties concerned, and developments are expected during the coming week. Reports from other centres indicate that a similar feeling prevails, and that the proposals will receive careful consideration when the conference assembles. The delegates have been instructed to press for a full inquiry into the whole question, and it is anticipated that the result will be satisfactory to all sections of the community.

and the statement was received with considerable interest in official circles, where it is understood that further representations will be made to the Government at an early date. It is stated that the matter has been the subject of much discussion, and the general opinion is that a settlement will be reached before long. The position is being closely watched by all parties concerned, and developments are expected during the coming week. Reports from other centres indicate that a similar feeling prevails, and that the proposals will receive careful consideration when the conference assembles. The delegates have been instructed to press for a full inquiry into the whole question, and it is anticipated that the result will be satisfactory to all sections of the community.
